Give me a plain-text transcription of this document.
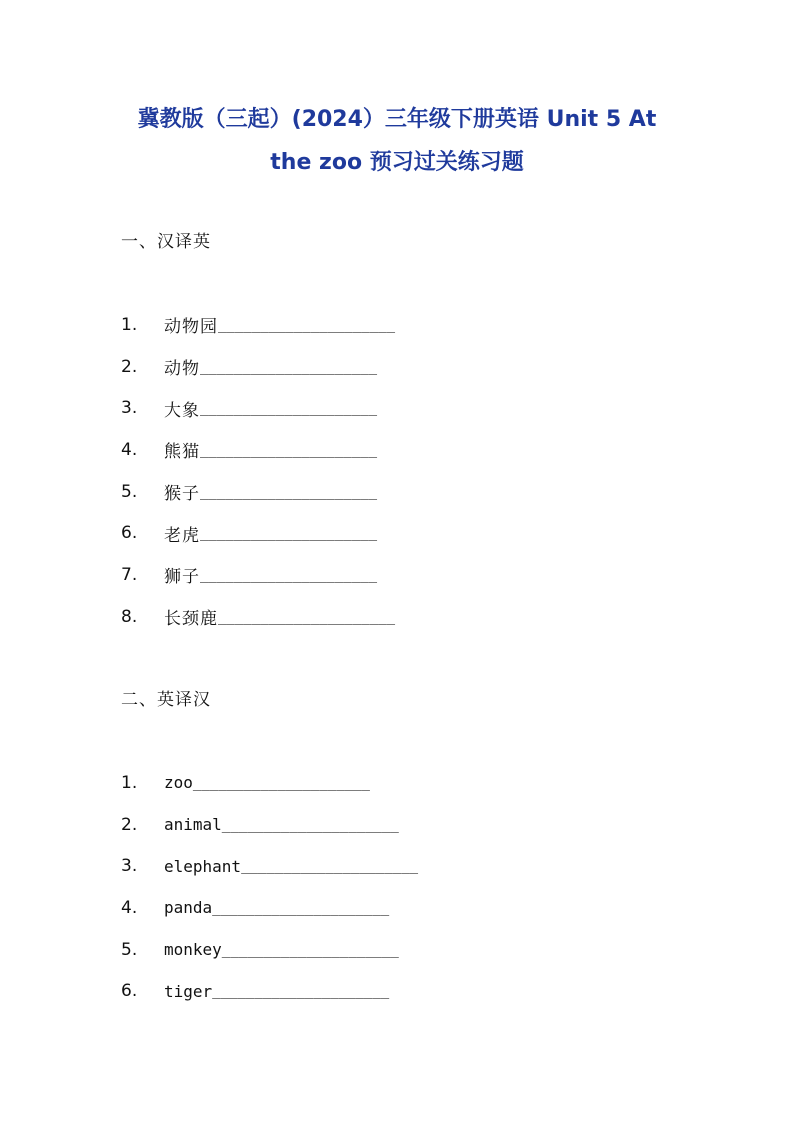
冀教版（三起）(2024）三年级下册英语 Unit 5 At
the zoo 预习过关练习题
一、汉译英
1.	动物园 _____________________
2.	动物 _____________________
3.	大象 _____________________
4.	熊猫 _____________________
5.	猴子 _____________________
6.	老虎 _____________________
7.	狮子 _____________________
8.	长颈鹿 _____________________
二、英译汉
1.	zoo _____________________
2.	animal _____________________
3.	elephant _____________________
4.	panda _____________________
5.	monkey _____________________
6.	tiger _____________________
